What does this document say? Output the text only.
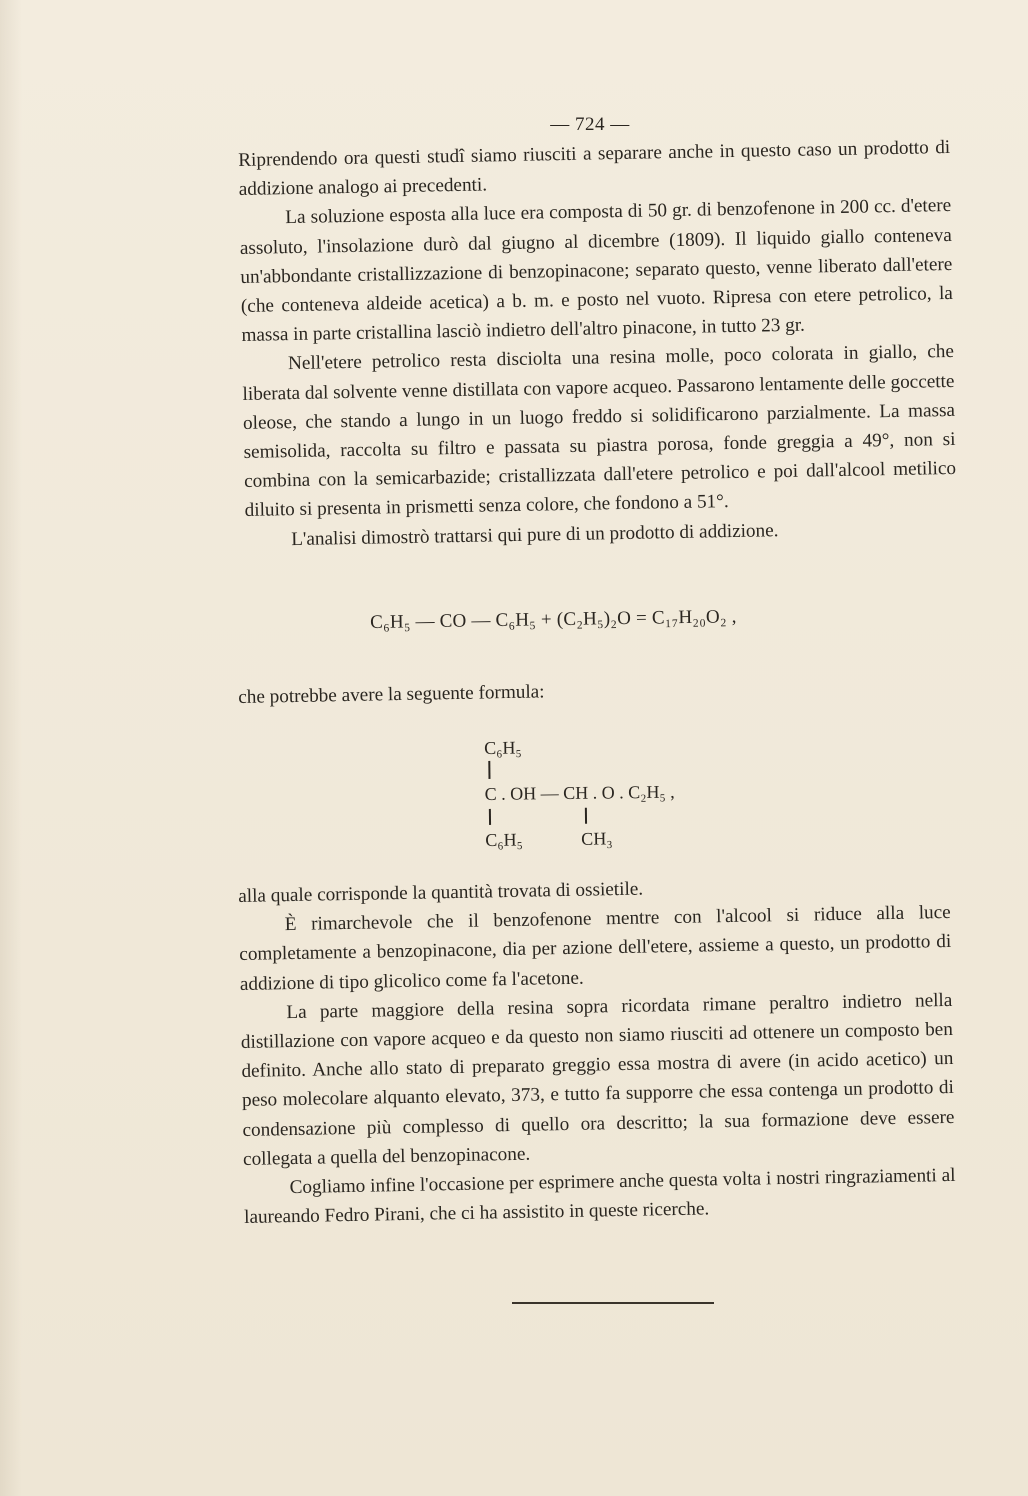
— 724 —

Riprendendo ora questi studî siamo riusciti a separare anche in questo caso un prodotto di addizione analogo ai precedenti.

La soluzione esposta alla luce era composta di 50 gr. di benzofenone in 200 cc. d'etere assoluto, l'insolazione durò dal giugno al dicembre (1809). Il liquido giallo conteneva un'abbondante cristallizzazione di benzopinacone; separato questo, venne liberato dall'etere (che conteneva aldeide acetica) a b. m. e posto nel vuoto. Ripresa con etere petrolico, la massa in parte cristallina lasciò indietro dell'altro pinacone, in tutto 23 gr.

Nell'etere petrolico resta disciolta una resina molle, poco colorata in giallo, che liberata dal solvente venne distillata con vapore acqueo. Passarono lentamente delle goccette oleose, che stando a lungo in un luogo freddo si solidificarono parzialmente. La massa semisolida, raccolta su filtro e passata su piastra porosa, fonde greggia a 49°, non si combina con la semicarbazide; cristallizzata dall'etere petrolico e poi dall'alcool metilico diluito si presenta in prismetti senza colore, che fondono a 51°.

L'analisi dimostrò trattarsi qui pure di un prodotto di addizione.

C₆H₅ — CO — C₆H₅ + (C₂H₅)₂O = C₁₇H₂₀O₂ ,

che potrebbe avere la seguente formula:

C₆H₅
C . OH — CH . O . C₂H₅ ,
C₆H₅	CH₃

alla quale corrisponde la quantità trovata di ossietile.

È rimarchevole che il benzofenone mentre con l'alcool si riduce alla luce completamente a benzopinacone, dia per azione dell'etere, assieme a questo, un prodotto di addizione di tipo glicolico come fa l'acetone.

La parte maggiore della resina sopra ricordata rimane peraltro indietro nella distillazione con vapore acqueo e da questo non siamo riusciti ad ottenere un composto ben definito. Anche allo stato di preparato greggio essa mostra di avere (in acido acetico) un peso molecolare alquanto elevato, 373, e tutto fa supporre che essa contenga un prodotto di condensazione più complesso di quello ora descritto; la sua formazione deve essere collegata a quella del benzopinacone.

Cogliamo infine l'occasione per esprimere anche questa volta i nostri ringraziamenti al laureando Fedro Pirani, che ci ha assistito in queste ricerche.
